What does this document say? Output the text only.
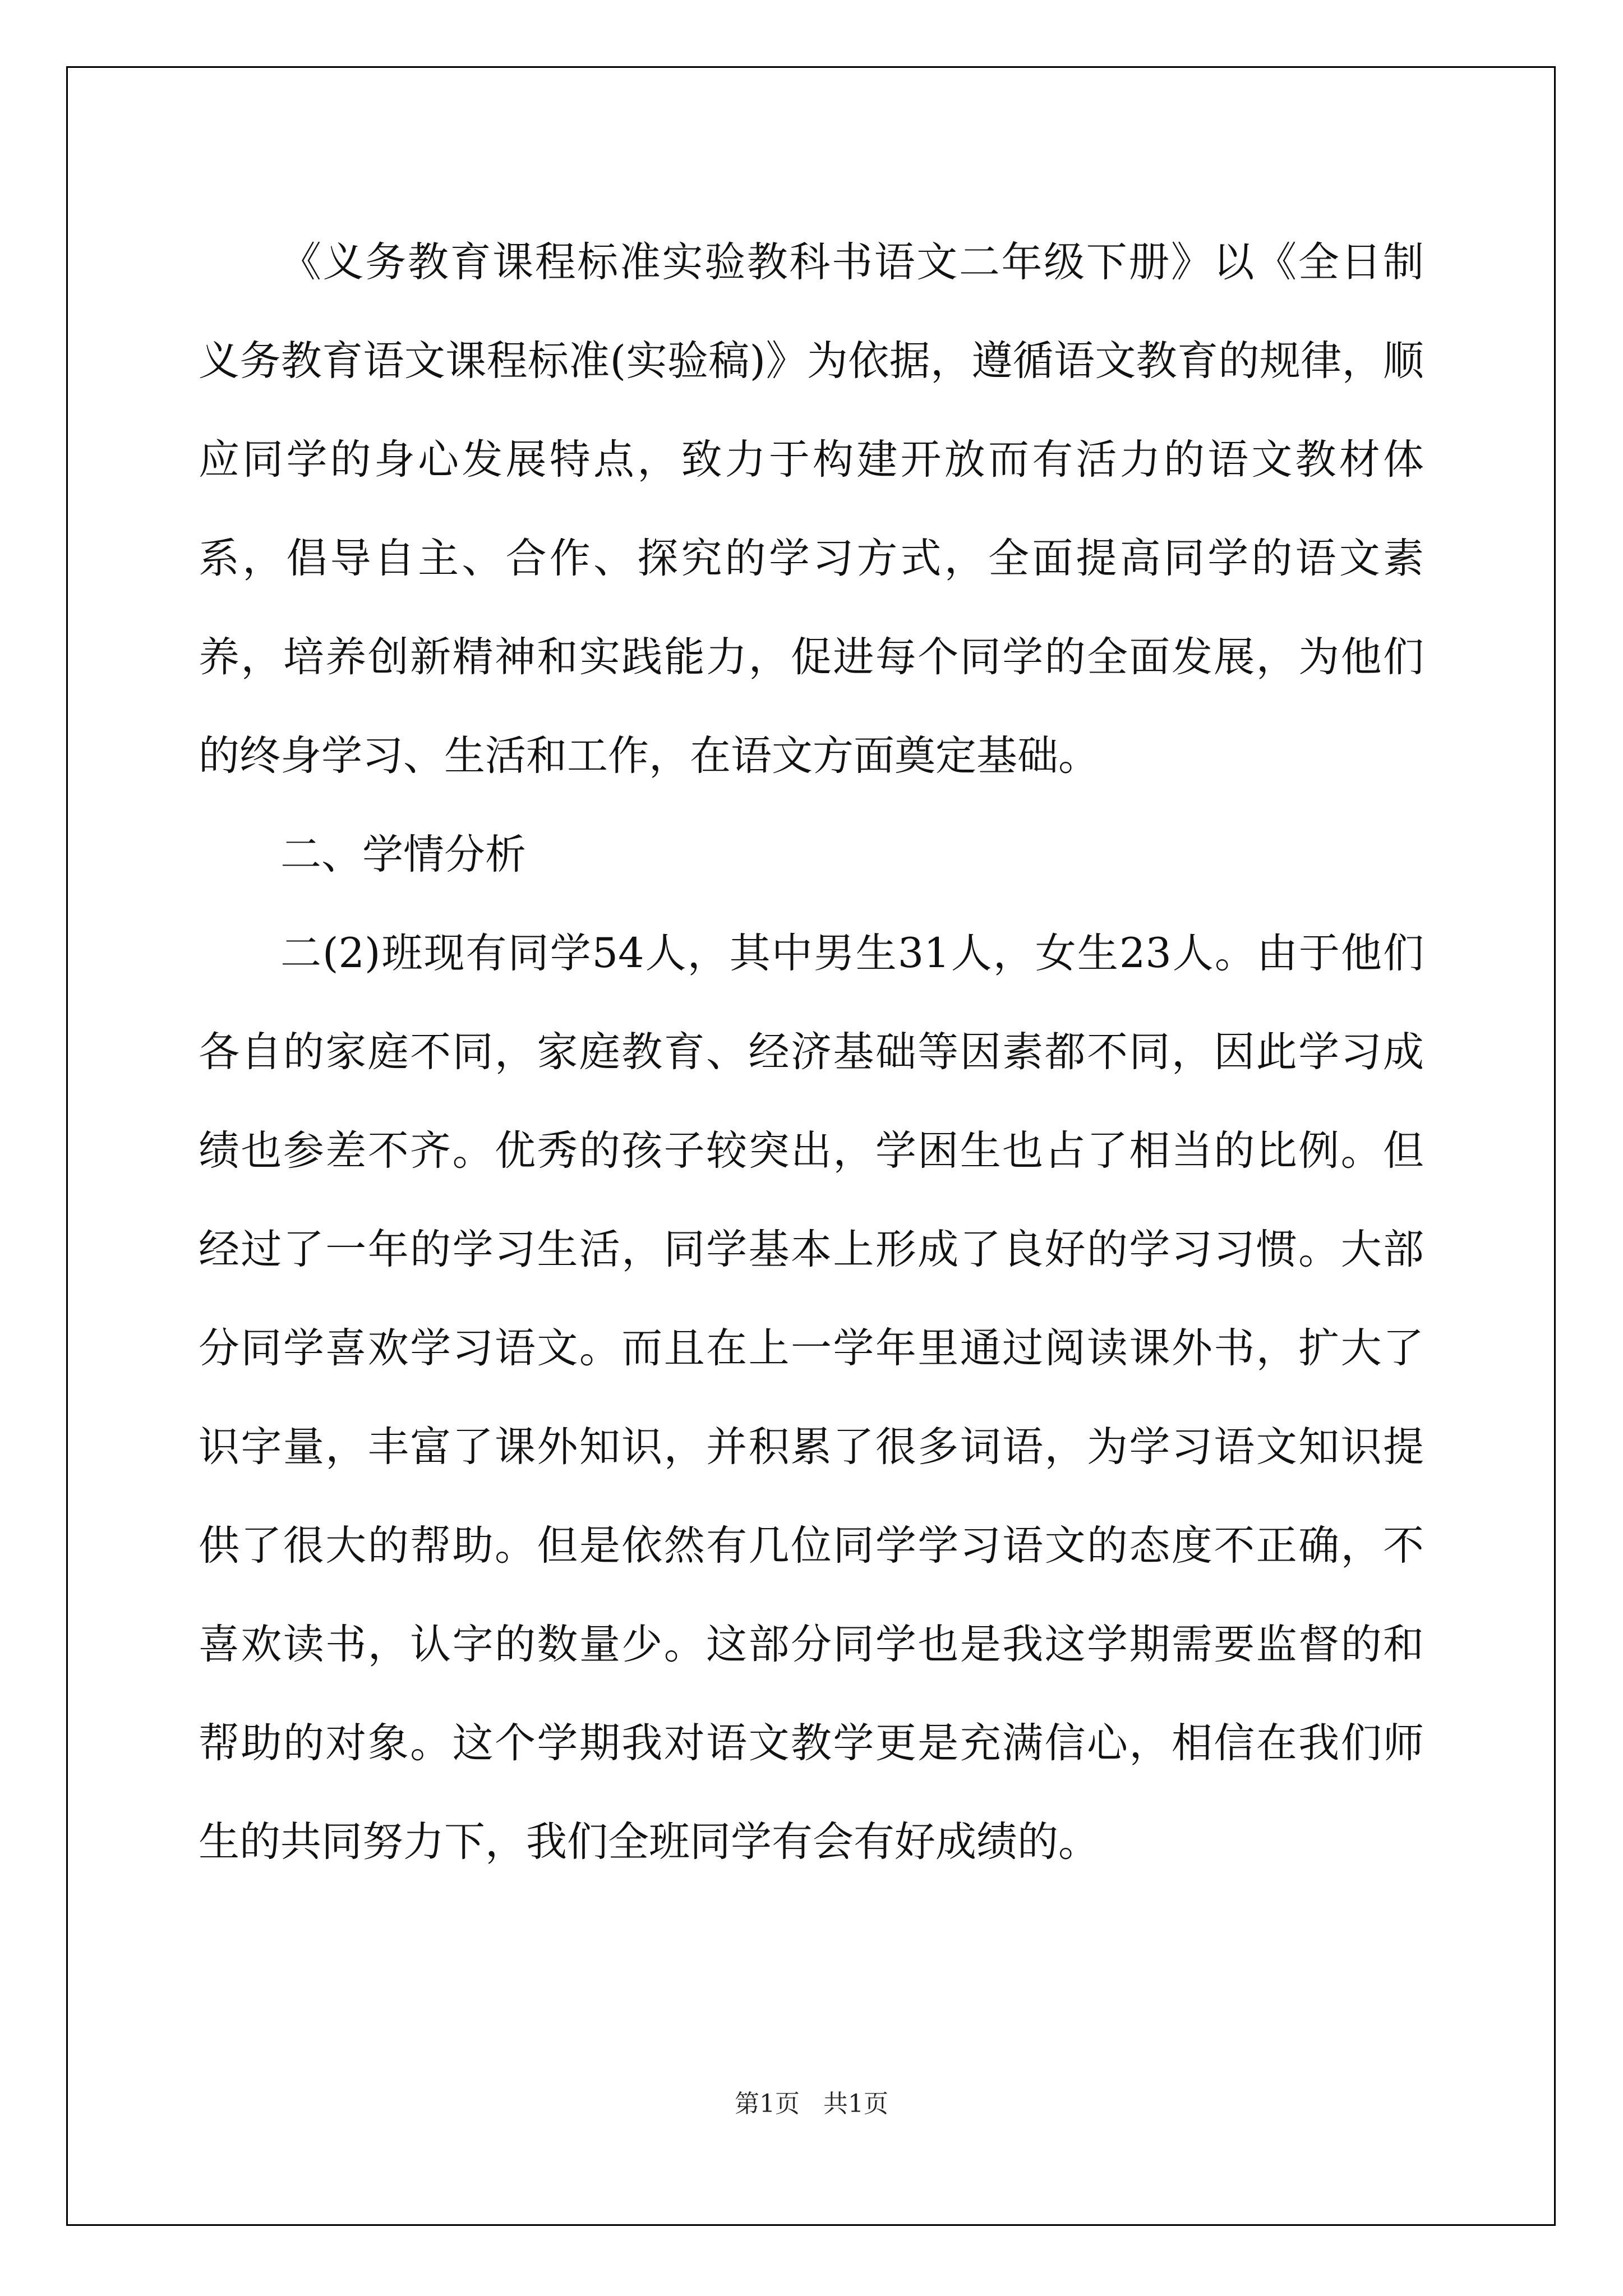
《义务教育课程标准实验教科书语文二年级下册》以《全日制义务教育语文课程标准(实验稿)》为依据，遵循语文教育的规律，顺应同学的身心发展特点，致力于构建开放而有活力的语文教材体系，倡导自主、合作、探究的学习方式，全面提高同学的语文素养，培养创新精神和实践能力，促进每个同学的全面发展，为他们的终身学习、生活和工作，在语文方面奠定基础。

二、学情分析

二(2)班现有同学54人，其中男生31人，女生23人。由于他们各自的家庭不同，家庭教育、经济基础等因素都不同，因此学习成绩也参差不齐。优秀的孩子较突出，学困生也占了相当的比例。但经过了一年的学习生活，同学基本上形成了良好的学习习惯。大部分同学喜欢学习语文。而且在上一学年里通过阅读课外书，扩大了识字量，丰富了课外知识，并积累了很多词语，为学习语文知识提供了很大的帮助。但是依然有几位同学学习语文的态度不正确，不喜欢读书，认字的数量少。这部分同学也是我这学期需要监督的和帮助的对象。这个学期我对语文教学更是充满信心，相信在我们师生的共同努力下，我们全班同学有会有好成绩的。

第1页   共1页
